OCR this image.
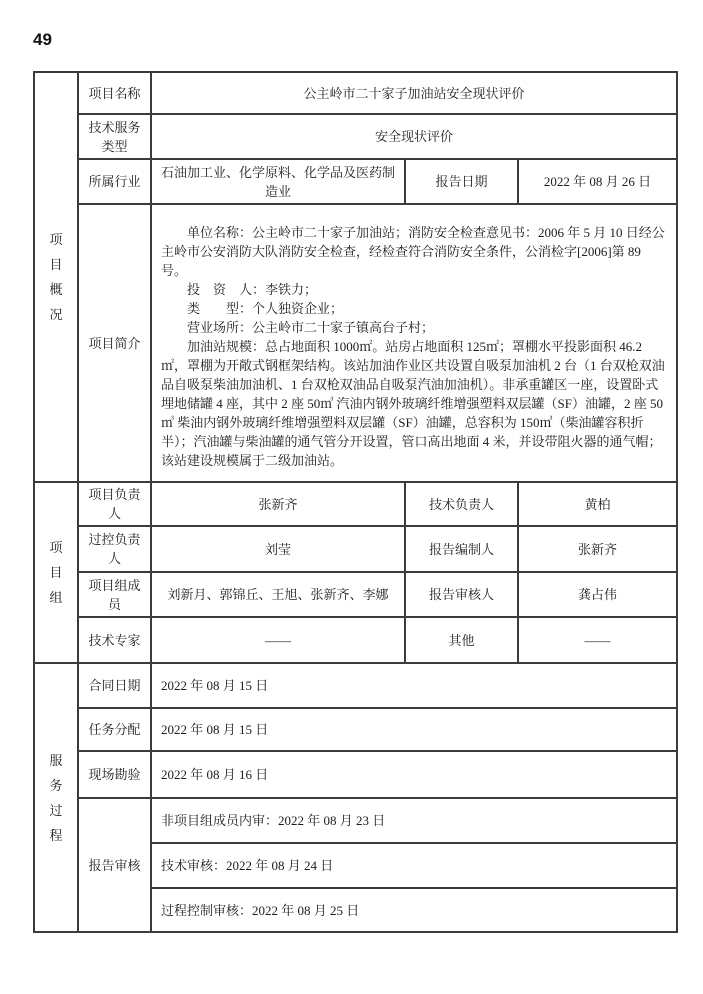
49
项目概况	项目名称	公主岭市二十家子加油站安全现状评价		
	技术服务类型	安全现状评价		
	所属行业	石油加工业、化学原料、化学品及医药制造业	报告日期	2022 年 08 月 26 日
	项目简介	单位名称：公主岭市二十家子加油站；消防安全检查意见书：2006 年 5 月 10 日经公主岭市公安消防大队消防安全检查，经检查符合消防安全条件，公消检字[2006]第 89 号。

投　资　人：李铁力；

类　　型：个人独资企业；

营业场所：公主岭市二十家子镇高台子村；

加油站规模：总占地面积 1000㎡。站房占地面积 125㎡；罩棚水平投影面积 46.2㎡，罩棚为开敞式钢框架结构。该站加油作业区共设置自吸泵加油机 2 台（1 台双枪双油品自吸泵柴油加油机、1 台双枪双油品自吸泵汽油加油机）。非承重罐区一座，设置卧式埋地储罐 4 座，其中 2 座 50㎥ 汽油内钢外玻璃纤维增强塑料双层罐（SF）油罐，2 座 50㎥ 柴油内钢外玻璃纤维增强塑料双层罐（SF）油罐，总容积为 150㎥（柴油罐容积折半）；汽油罐与柴油罐的通气管分开设置，管口高出地面 4 米，并设带阻火器的通气帽；该站建设规模属于二级加油站。		

项目组	项目负责人	张新齐	技术负责人	黄柏
	过控负责人	刘莹	报告编制人	张新齐
	项目组成员	刘新月、郭锦丘、王旭、张新齐、李娜	报告审核人	龚占伟
	技术专家	——	其他	——

服务过程	合同日期	2022 年 08 月 15 日		
	任务分配	2022 年 08 月 15 日		
	现场勘验	2022 年 08 月 16 日		
	报告审核	非项目组成员内审：2022 年 08 月 23 日		
		技术审核：2022 年 08 月 24 日		
		过程控制审核：2022 年 08 月 25 日		
